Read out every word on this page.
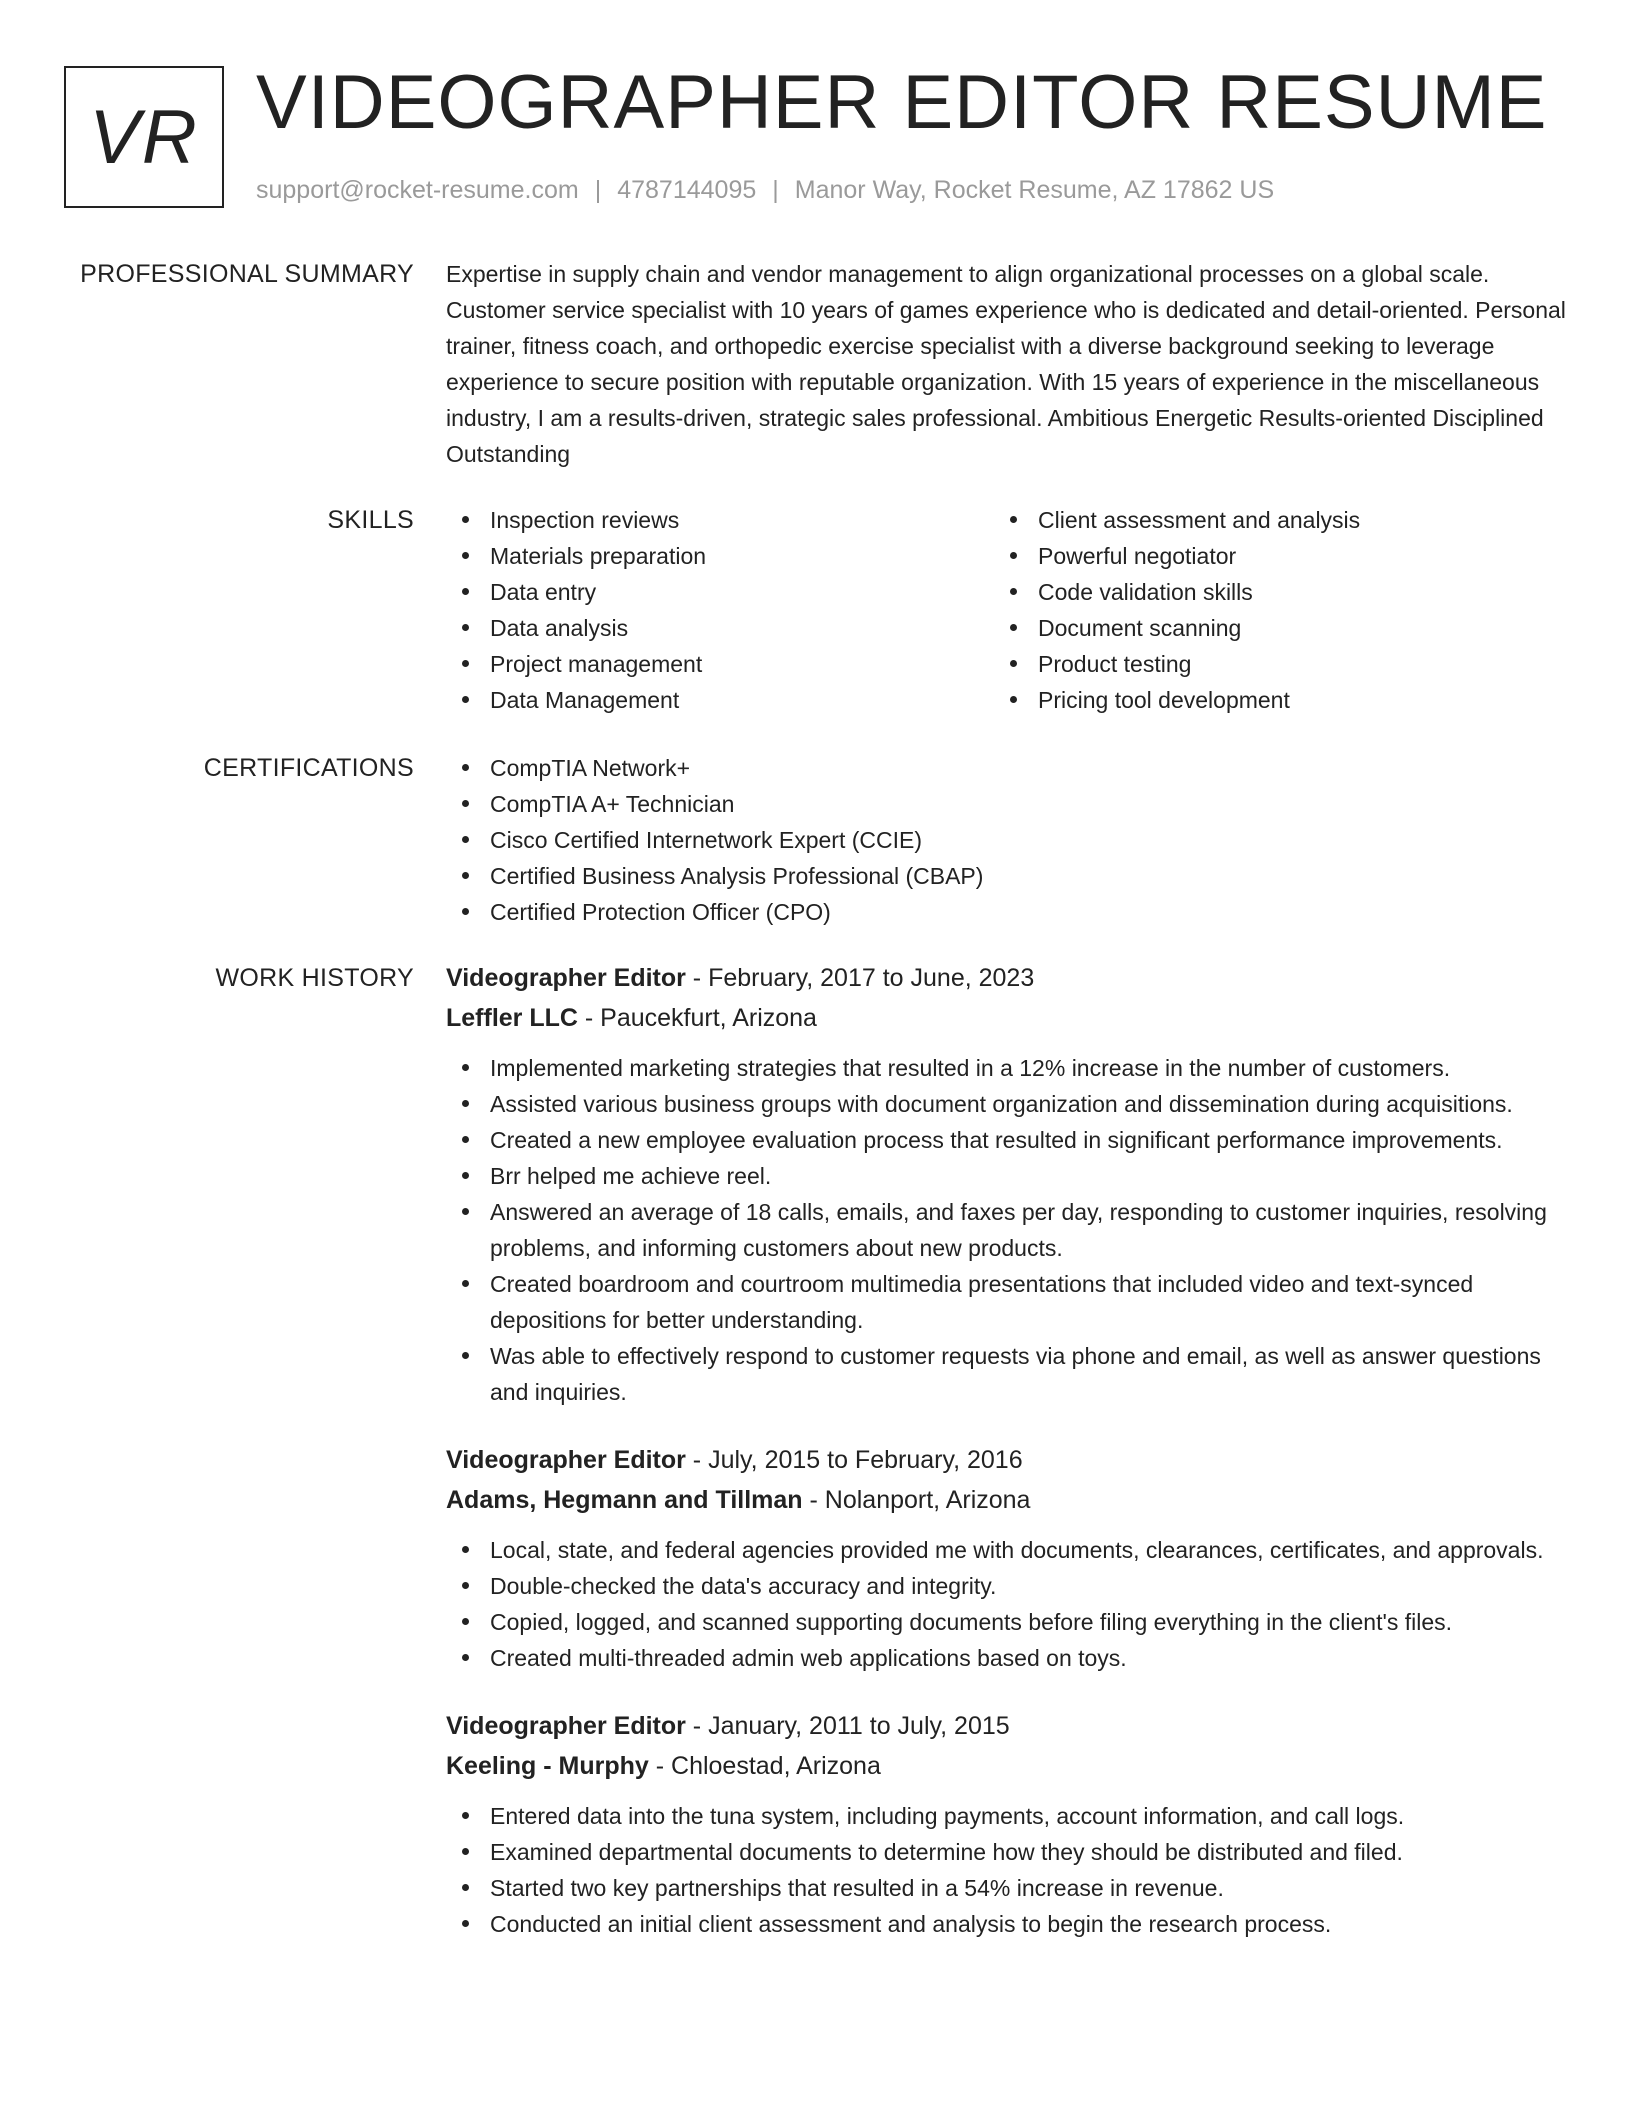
VR VIDEOGRAPHER EDITOR RESUME
support@rocket-resume.com | 4787144095 | Manor Way, Rocket Resume, AZ 17862 US
PROFESSIONAL SUMMARY Expertise in supply chain and vendor management to align organizational processes on a global scale. Customer service specialist with 10 years of games experience who is dedicated and detail-oriented. Personal trainer, fitness coach, and orthopedic exercise specialist with a diverse background seeking to leverage experience to secure position with reputable organization. With 15 years of experience in the miscellaneous industry, I am a results-driven, strategic sales professional. Ambitious Energetic Results-oriented Disciplined Outstanding
SKILLS	Inspection reviews
Materials preparation
Data entry
Data analysis
Project management
Data Management
Client assessment and analysis
Powerful negotiator
Code validation skills
Document scanning
Product testing
Pricing tool development
CERTIFICATIONS	CompTIA Network+
CompTIA A+ Technician
Cisco Certified Internetwork Expert (CCIE)
Certified Business Analysis Professional (CBAP)
Certified Protection Officer (CPO)
WORK HISTORY Videographer Editor - February, 2017 to June, 2023
Leffler LLC - Paucekfurt, Arizona
Implemented marketing strategies that resulted in a 12% increase in the number of customers.
Assisted various business groups with document organization and dissemination during acquisitions.
Created a new employee evaluation process that resulted in significant performance improvements.
Brr helped me achieve reel.
Answered an average of 18 calls, emails, and faxes per day, responding to customer inquiries, resolving problems, and informing customers about new products.
Created boardroom and courtroom multimedia presentations that included video and text-synced depositions for better understanding.
Was able to effectively respond to customer requests via phone and email, as well as answer questions and inquiries.
Videographer Editor - July, 2015 to February, 2016
Adams, Hegmann and Tillman - Nolanport, Arizona
Local, state, and federal agencies provided me with documents, clearances, certificates, and approvals.
Double-checked the data's accuracy and integrity.
Copied, logged, and scanned supporting documents before filing everything in the client's files.
Created multi-threaded admin web applications based on toys.
Videographer Editor - January, 2011 to July, 2015
Keeling - Murphy - Chloestad, Arizona
Entered data into the tuna system, including payments, account information, and call logs.
Examined departmental documents to determine how they should be distributed and filed.
Started two key partnerships that resulted in a 54% increase in revenue.
Conducted an initial client assessment and analysis to begin the research process.
